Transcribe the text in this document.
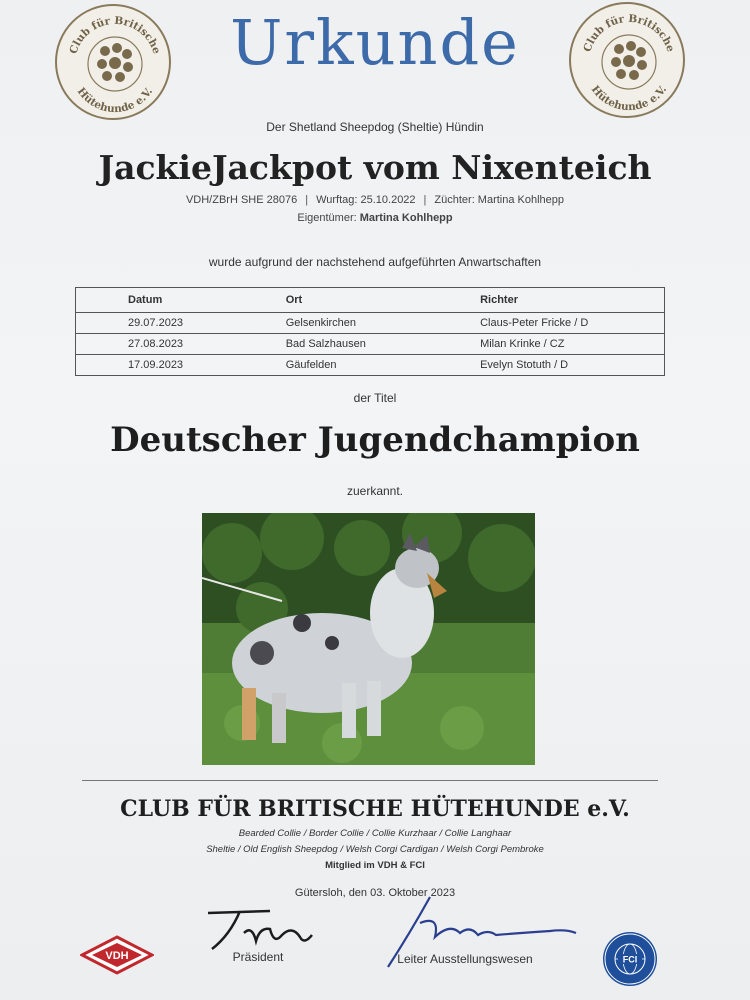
Club für Britische
Hütehunde e.V.
Club für Britische
Hütehunde e.V.
Urkunde
Der Shetland Sheepdog (Sheltie) Hündin
JackieJackpot vom Nixenteich
VDH/ZBrH SHE 28076 | Wurftag: 25.10.2022 | Züchter: Martina Kohlhepp
Eigentümer: Martina Kohlhepp
wurde aufgrund der nachstehend aufgeführten Anwartschaften
Datum	Ort	Richter
29.07.2023	Gelsenkirchen	Claus-Peter Fricke / D
27.08.2023	Bad Salzhausen	Milan Krinke / CZ
17.09.2023	Gäufelden	Evelyn Stotuth / D
der Titel
Deutscher Jugendchampion
zuerkannt.
CLUB FÜR BRITISCHE HÜTEHUNDE e.V.
Bearded Collie / Border Collie / Collie Kurzhaar / Collie Langhaar
Sheltie / Old English Sheepdog / Welsh Corgi Cardigan / Welsh Corgi Pembroke
Mitglied im VDH & FCI
Gütersloh, den 03. Oktober 2023
VDH	Präsident	Leiter Ausstellungswesen	FCI
